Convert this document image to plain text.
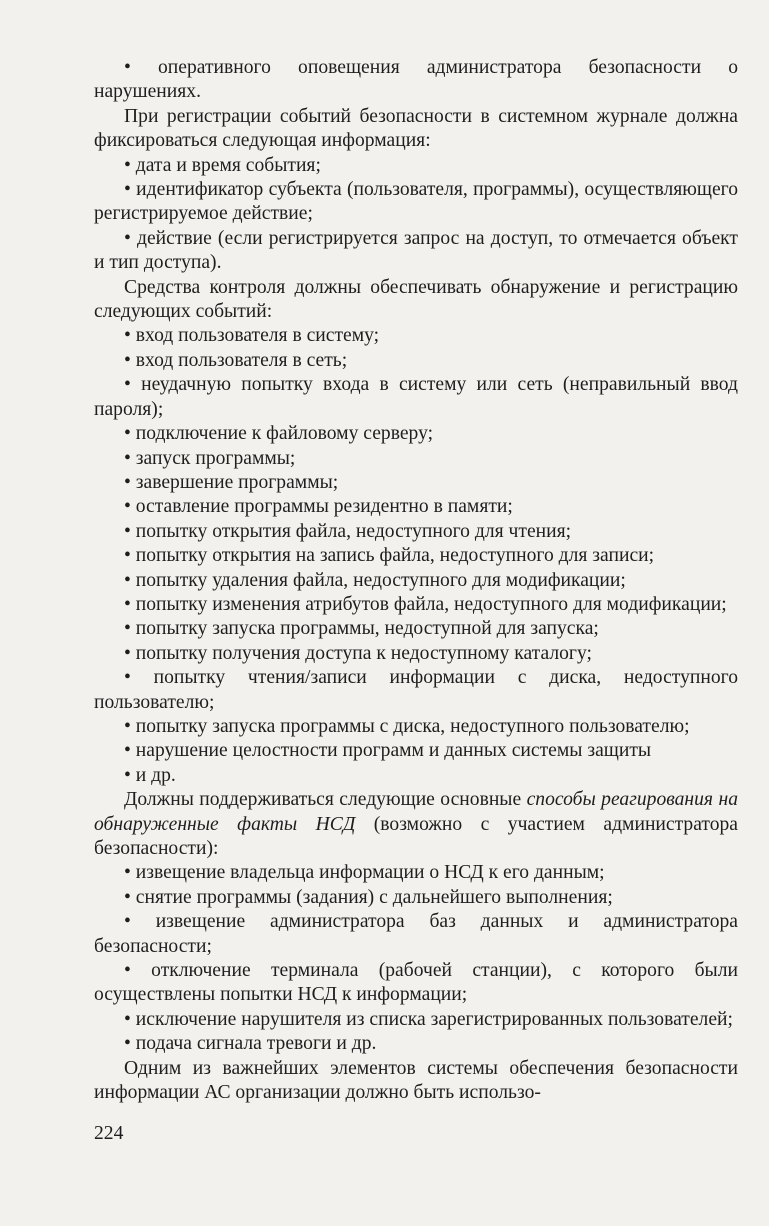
• оперативного оповещения администратора безопасности о нарушениях.

При регистрации событий безопасности в системном журнале должна фиксироваться следующая информация:

• дата и время события;

• идентификатор субъекта (пользователя, программы), осуществляющего регистрируемое действие;

• действие (если регистрируется запрос на доступ, то отмечается объект и тип доступа).

Средства контроля должны обеспечивать обнаружение и регистрацию следующих событий:

• вход пользователя в систему;

• вход пользователя в сеть;

• неудачную попытку входа в систему или сеть (неправильный ввод пароля);

• подключение к файловому серверу;

• запуск программы;

• завершение программы;

• оставление программы резидентно в памяти;

• попытку открытия файла, недоступного для чтения;

• попытку открытия на запись файла, недоступного для записи;

• попытку удаления файла, недоступного для модификации;

• попытку изменения атрибутов файла, недоступного для модификации;

• попытку запуска программы, недоступной для запуска;

• попытку получения доступа к недоступному каталогу;

• попытку чтения/записи информации с диска, недоступного пользователю;

• попытку запуска программы с диска, недоступного пользователю;

• нарушение целостности программ и данных системы защиты

• и др.

Должны поддерживаться следующие основные способы реагирования на обнаруженные факты НСД (возможно с участием администратора безопасности):

• извещение владельца информации о НСД к его данным;

• снятие программы (задания) с дальнейшего выполнения;

• извещение администратора баз данных и администратора безопасности;

• отключение терминала (рабочей станции), с которого были осуществлены попытки НСД к информации;

• исключение нарушителя из списка зарегистрированных пользователей;

• подача сигнала тревоги и др.

Одним из важнейших элементов системы обеспечения безопасности информации АС организации должно быть использо-

224
